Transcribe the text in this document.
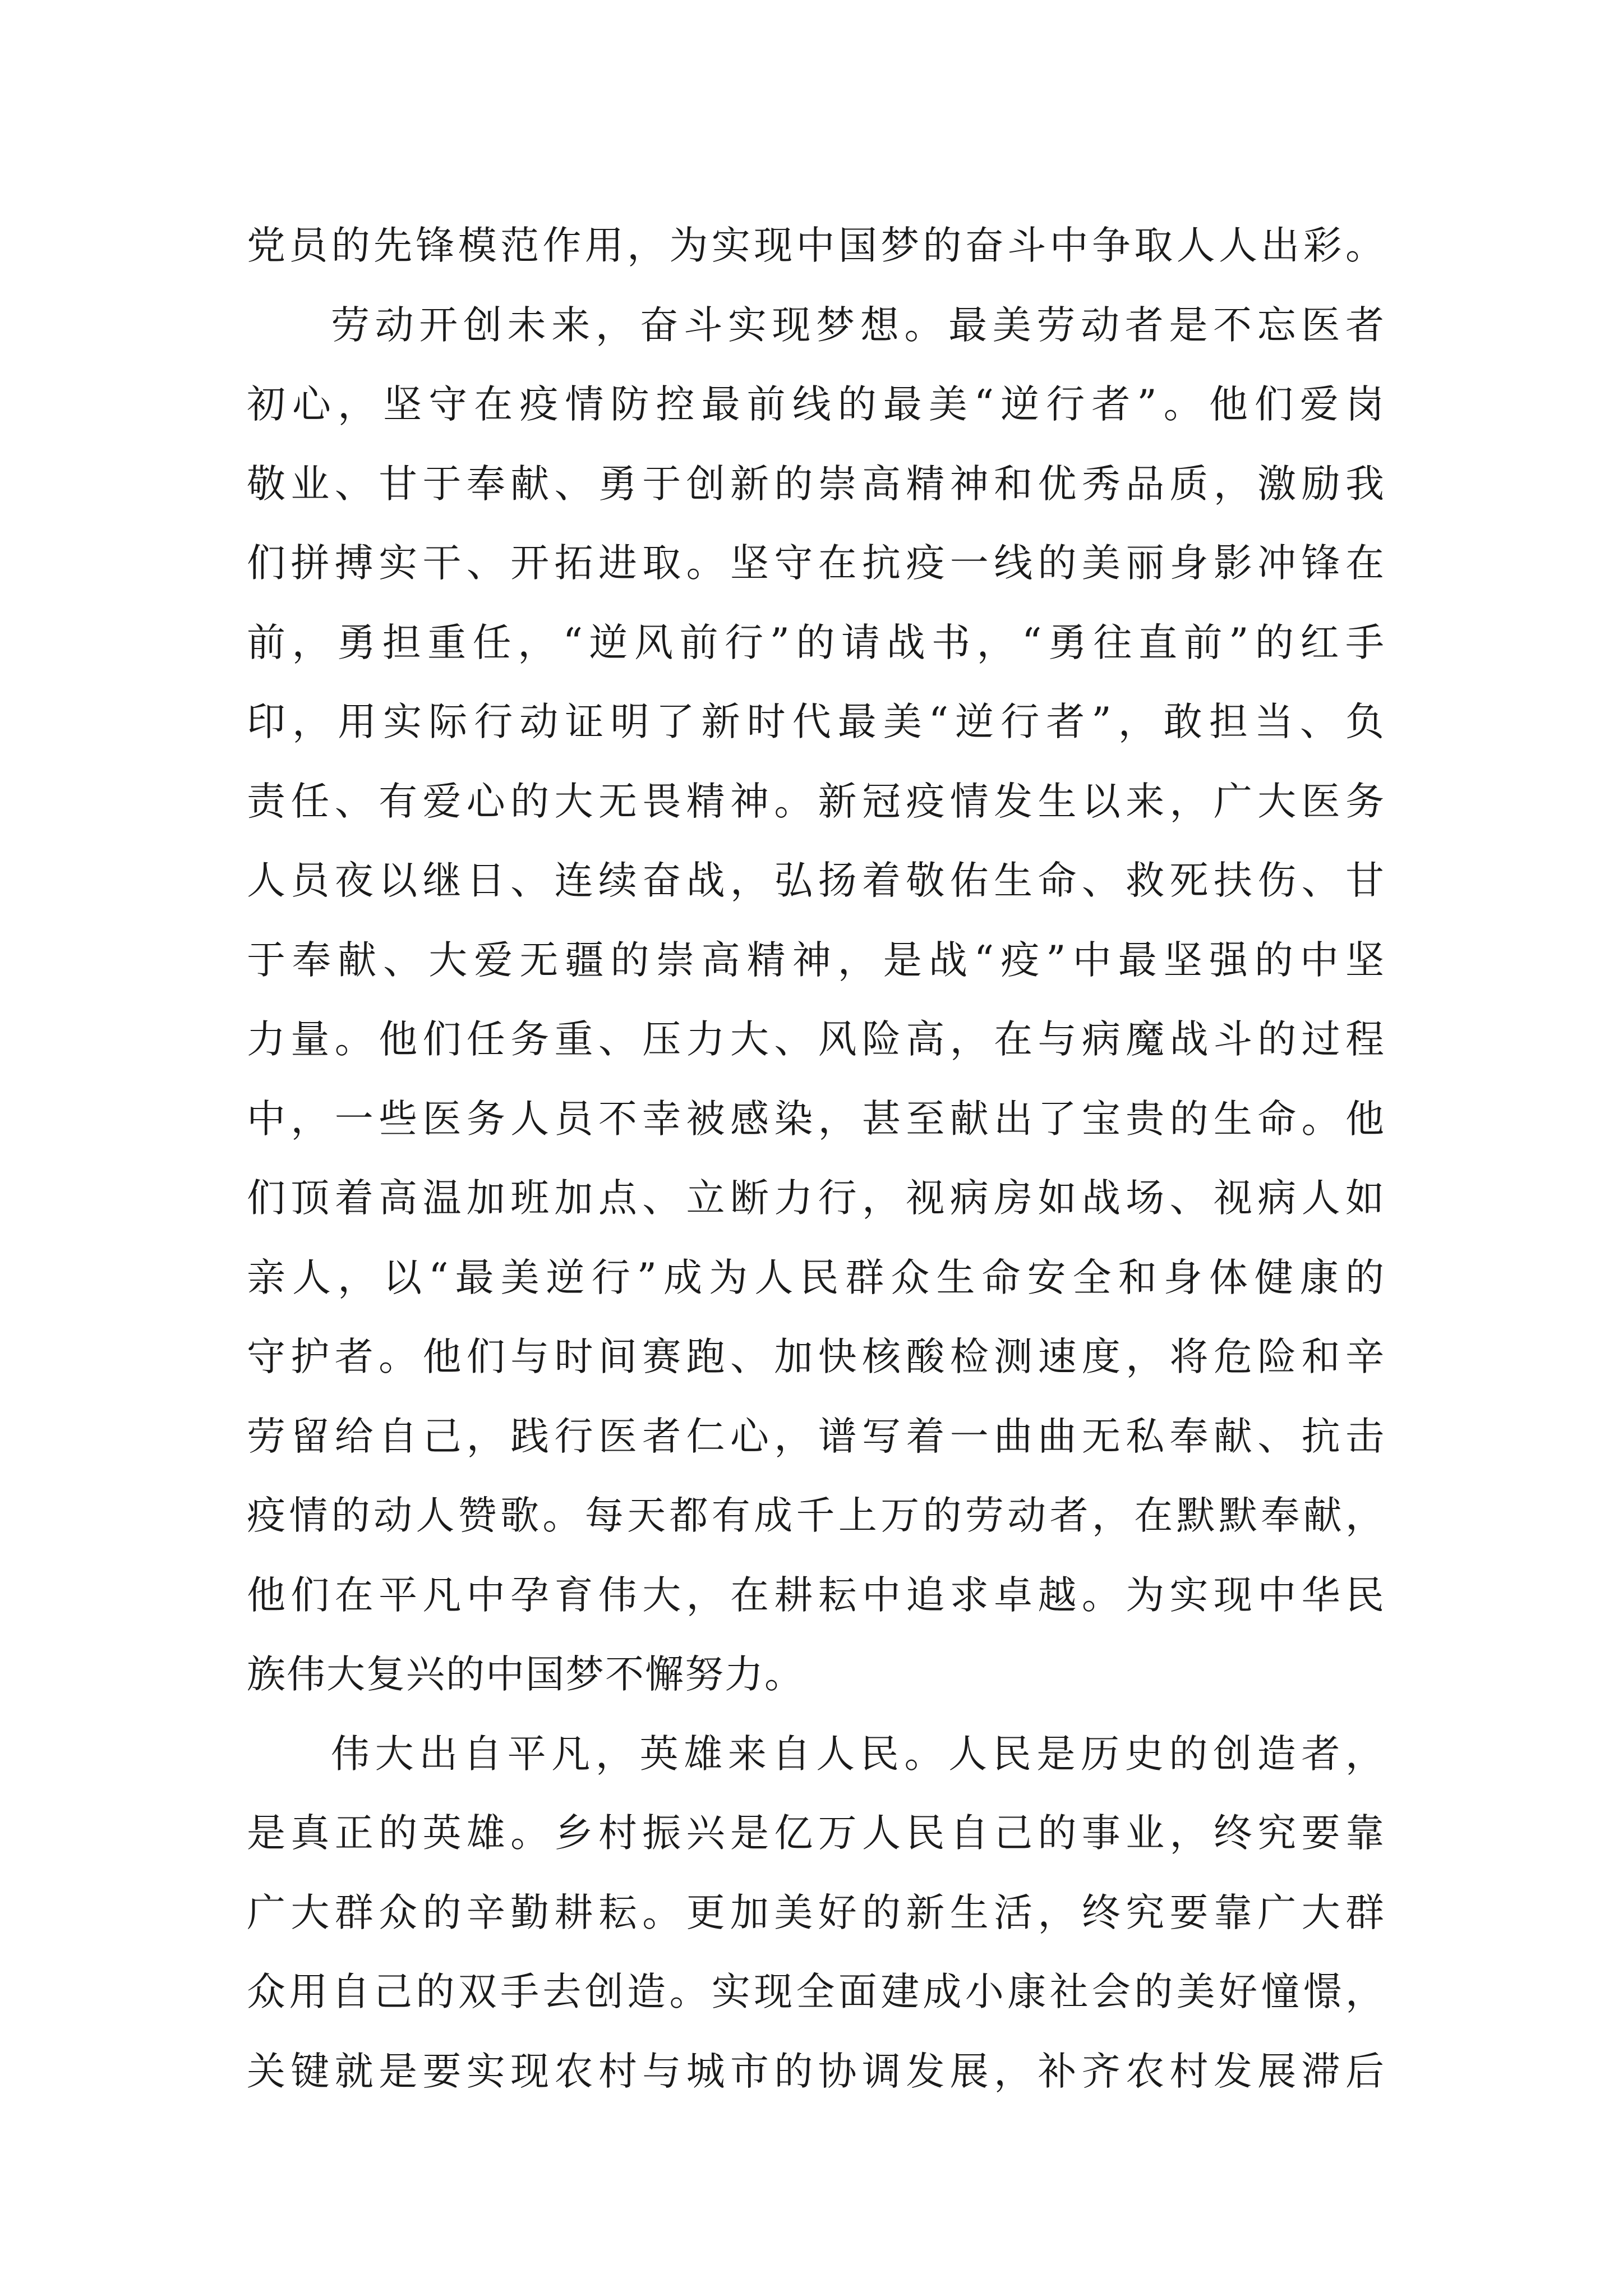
党员的先锋模范作用，为实现中国梦的奋斗中争取人人出彩。
劳动开创未来，奋斗实现梦想。最美劳动者是不忘医者
初心，坚守在疫情防控最前线的最美“逆行者”。他们爱岗
敬业、甘于奉献、勇于创新的崇高精神和优秀品质，激励我
们拼搏实干、开拓进取。坚守在抗疫一线的美丽身影冲锋在
前，勇担重任，“逆风前行”的请战书，“勇往直前”的红手
印，用实际行动证明了新时代最美“逆行者”，敢担当、负
责任、有爱心的大无畏精神。新冠疫情发生以来，广大医务
人员夜以继日、连续奋战，弘扬着敬佑生命、救死扶伤、甘
于奉献、大爱无疆的崇高精神，是战“疫”中最坚强的中坚
力量。他们任务重、压力大、风险高，在与病魔战斗的过程
中，一些医务人员不幸被感染，甚至献出了宝贵的生命。他
们顶着高温加班加点、立断力行，视病房如战场、视病人如
亲人，以“最美逆行”成为人民群众生命安全和身体健康的
守护者。他们与时间赛跑、加快核酸检测速度，将危险和辛
劳留给自己，践行医者仁心，谱写着一曲曲无私奉献、抗击
疫情的动人赞歌。每天都有成千上万的劳动者，在默默奉献，
他们在平凡中孕育伟大，在耕耘中追求卓越。为实现中华民
族伟大复兴的中国梦不懈努力。
伟大出自平凡，英雄来自人民。人民是历史的创造者，
是真正的英雄。乡村振兴是亿万人民自己的事业，终究要靠
广大群众的辛勤耕耘。更加美好的新生活，终究要靠广大群
众用自己的双手去创造。实现全面建成小康社会的美好憧憬，
关键就是要实现农村与城市的协调发展，补齐农村发展滞后
